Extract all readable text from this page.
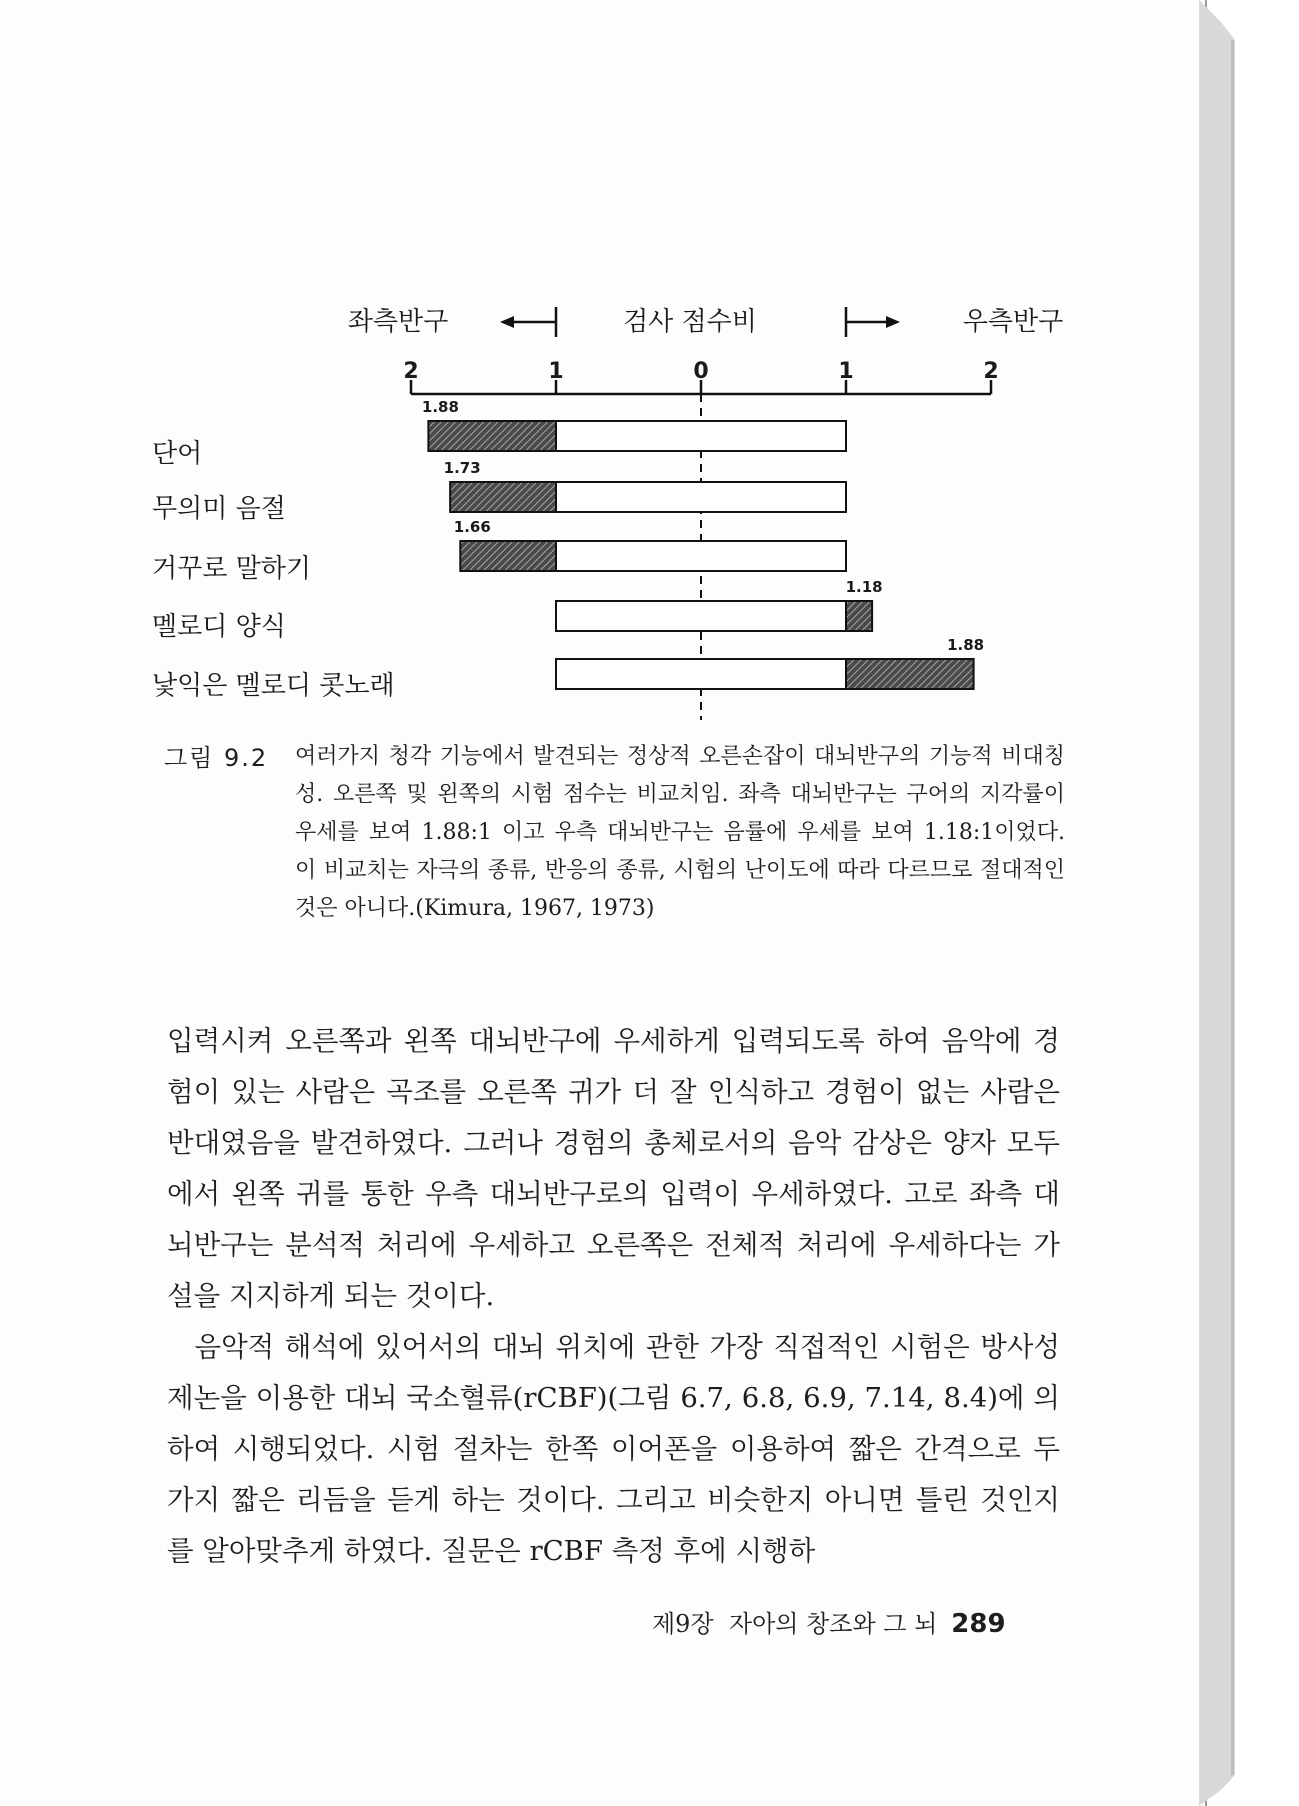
좌측반구	검사 점수비	우측반구
2	1	0	1	2
1.88
1.73
1.66
1.18
1.88
단어
무의미 음절
거꾸로 말하기
멜로디 양식
낯익은 멜로디 콧노래
그림 9.2 여러가지 청각 기능에서 발견되는 정상적 오른손잡이 대뇌반구의 기능적 비대칭성. 오른쪽 및 왼쪽의 시험 점수는 비교치임. 좌측 대뇌반구는 구어의 지각률이 우세를 보여 1.88:1 이고 우측 대뇌반구는 음률에 우세를 보여 1.18:1이었다. 이 비교치는 자극의 종류, 반응의 종류, 시험의 난이도에 따라 다르므로 절대적인 것은 아니다.(Kimura, 1967, 1973)

입력시켜 오른쪽과 왼쪽 대뇌반구에 우세하게 입력되도록 하여 음악에 경험이 있는 사람은 곡조를 오른쪽 귀가 더 잘 인식하고 경험이 없는 사람은 반대였음을 발견하였다. 그러나 경험의 총체로서의 음악 감상은 양자 모두에서 왼쪽 귀를 통한 우측 대뇌반구로의 입력이 우세하였다. 고로 좌측 대뇌반구는 분석적 처리에 우세하고 오른쪽은 전체적 처리에 우세하다는 가설을 지지하게 되는 것이다.

음악적 해석에 있어서의 대뇌 위치에 관한 가장 직접적인 시험은 방사성 제논을 이용한 대뇌 국소혈류(rCBF)(그림 6.7, 6.8, 6.9, 7.14, 8.4)에 의하여 시행되었다. 시험 절차는 한쪽 이어폰을 이용하여 짧은 간격으로 두 가지 짧은 리듬을 듣게 하는 것이다. 그리고 비슷한지 아니면 틀린 것인지를 알아맞추게 하였다. 질문은 rCBF 측정 후에 시행하

제9장 자아의 창조와 그 뇌 289
